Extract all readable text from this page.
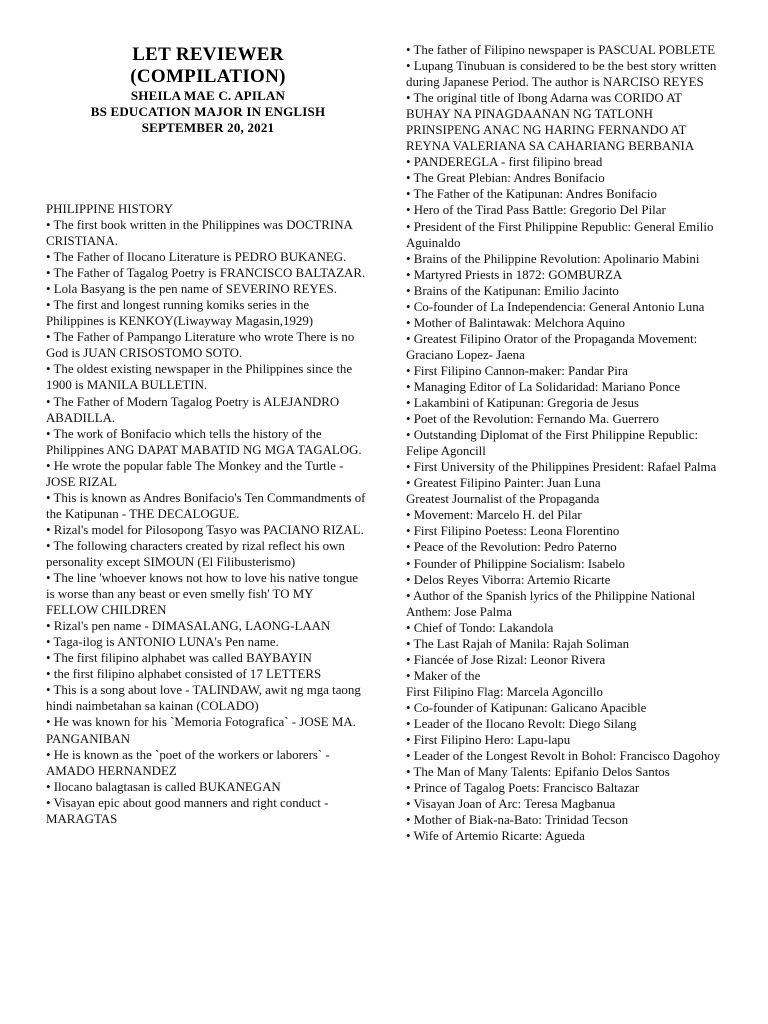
LET REVIEWER
(COMPILATION)
SHEILA MAE C. APILAN
BS EDUCATION MAJOR IN ENGLISH
SEPTEMBER 20, 2021
PHILIPPINE HISTORY

• The first book written in the Philippines was DOCTRINA CRISTIANA.

• The Father of Ilocano Literature is PEDRO BUKANEG.

• The Father of Tagalog Poetry is FRANCISCO BALTAZAR.

• Lola Basyang is the pen name of SEVERINO REYES.

• The first and longest running komiks series in the Philippines is KENKOY(Liwayway Magasin,1929)

• The Father of Pampango Literature who wrote There is no God is JUAN CRISOSTOMO SOTO.

• The oldest existing newspaper in the Philippines since the 1900 is MANILA BULLETIN.

• The Father of Modern Tagalog Poetry is ALEJANDRO ABADILLA.

• The work of Bonifacio which tells the history of the Philippines ANG DAPAT MABATID NG MGA TAGALOG.

• He wrote the popular fable The Monkey and the Turtle - JOSE RIZAL

• This is known as Andres Bonifacio's Ten Commandments of the Katipunan - THE DECALOGUE.

• Rizal's model for Pilosopong Tasyo was PACIANO RIZAL.

• The following characters created by rizal reflect his own personality except SIMOUN (El Filibusterismo)

• The line 'whoever knows not how to love his native tongue is worse than any beast or even smelly fish' TO MY FELLOW CHILDREN

• Rizal's pen name - DIMASALANG, LAONG-LAAN

• Taga-ilog is ANTONIO LUNA's Pen name.

• The first filipino alphabet was called BAYBAYIN

• the first filipino alphabet consisted of 17 LETTERS

• This is a song about love - TALINDAW, awit ng mga taong hindi naimbetahan sa kainan (COLADO)

• He was known for his `Memoria Fotografica` - JOSE MA. PANGANIBAN

• He is known as the `poet of the workers or laborers` - AMADO HERNANDEZ

• Ilocano balagtasan is called BUKANEGAN

• Visayan epic about good manners and right conduct - MARAGTAS

• The father of Filipino newspaper is PASCUAL POBLETE

• Lupang Tinubuan is considered to be the best story written during Japanese Period. The author is NARCISO REYES

• The original title of Ibong Adarna was CORIDO AT BUHAY NA PINAGDAANAN NG TATLONH PRINSIPENG ANAC NG HARING FERNANDO AT REYNA VALERIANA SA CAHARIANG BERBANIA

• PANDEREGLA - first filipino bread

• The Great Plebian: Andres Bonifacio

• The Father of the Katipunan: Andres Bonifacio

• Hero of the Tirad Pass Battle: Gregorio Del Pilar

• President of the First Philippine Republic: General Emilio Aguinaldo

• Brains of the Philippine Revolution: Apolinario Mabini

• Martyred Priests in 1872: GOMBURZA

• Brains of the Katipunan: Emilio Jacinto

• Co-founder of La Independencia: General Antonio Luna

• Mother of Balintawak: Melchora Aquino

• Greatest Filipino Orator of the Propaganda Movement: Graciano Lopez- Jaena

• First Filipino Cannon-maker: Pandar Pira

• Managing Editor of La Solidaridad: Mariano Ponce

• Lakambini of Katipunan: Gregoria de Jesus

• Poet of the Revolution: Fernando Ma. Guerrero

• Outstanding Diplomat of the First Philippine Republic: Felipe Agoncill

• First University of the Philippines President: Rafael Palma

• Greatest Filipino Painter: Juan Luna

Greatest Journalist of the Propaganda

• Movement: Marcelo H. del Pilar

• First Filipino Poetess: Leona Florentino

• Peace of the Revolution: Pedro Paterno

• Founder of Philippine Socialism: Isabelo

• Delos Reyes Viborra: Artemio Ricarte

• Author of the Spanish lyrics of the Philippine National Anthem: Jose Palma

• Chief of Tondo: Lakandola

• The Last Rajah of Manila: Rajah Soliman

• Fiancée of Jose Rizal: Leonor Rivera

• Maker of the

First Filipino Flag: Marcela Agoncillo

• Co-founder of Katipunan: Galicano Apacible

• Leader of the Ilocano Revolt: Diego Silang

• First Filipino Hero: Lapu-lapu

• Leader of the Longest Revolt in Bohol: Francisco Dagohoy

• The Man of Many Talents: Epifanio Delos Santos

• Prince of Tagalog Poets: Francisco Baltazar

• Visayan Joan of Arc: Teresa Magbanua

• Mother of Biak-na-Bato: Trinidad Tecson

• Wife of Artemio Ricarte: Agueda
